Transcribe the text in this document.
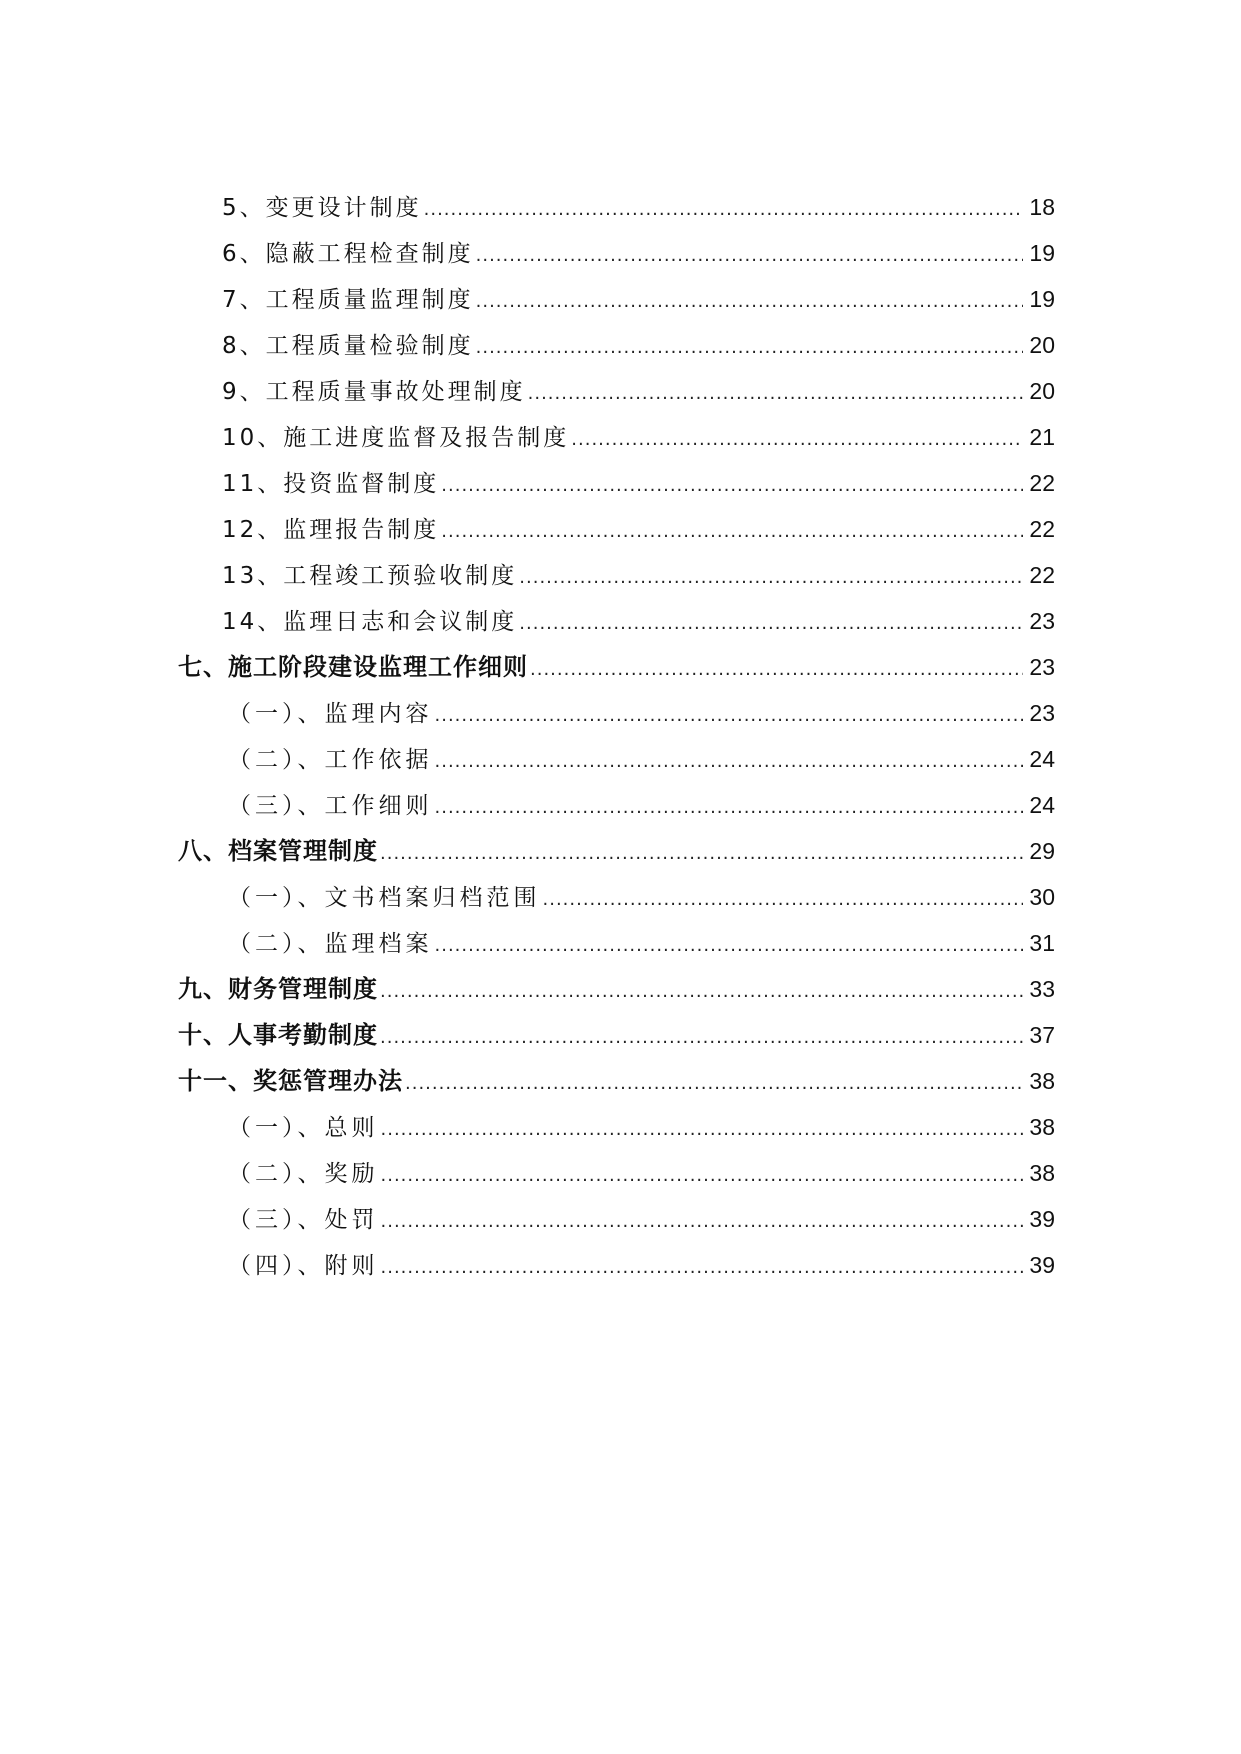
5、变更设计制度 .....	18
6、隐蔽工程检查制度 .....	19
7、工程质量监理制度 .....	19
8、工程质量检验制度 .....	20
9、工程质量事故处理制度 .....	20
10、施工进度监督及报告制度 .....	21
11、投资监督制度 .....	22
12、监理报告制度 .....	22
13、工程竣工预验收制度 .....	22
14、监理日志和会议制度 .....	23
七、施工阶段建设监理工作细则 .....	23
（一）、监理内容 .....	23
（二）、工作依据 .....	24
（三）、工作细则 .....	24
八、档案管理制度 .....	29
（一）、文书档案归档范围 .....	30
（二）、监理档案 .....	31
九、财务管理制度 .....	33
十、人事考勤制度 .....	37
十一、奖惩管理办法 .....	38
（一）、总则 .....	38
（二）、奖励 .....	38
（三）、处罚 .....	39
（四）、附则 .....	39
